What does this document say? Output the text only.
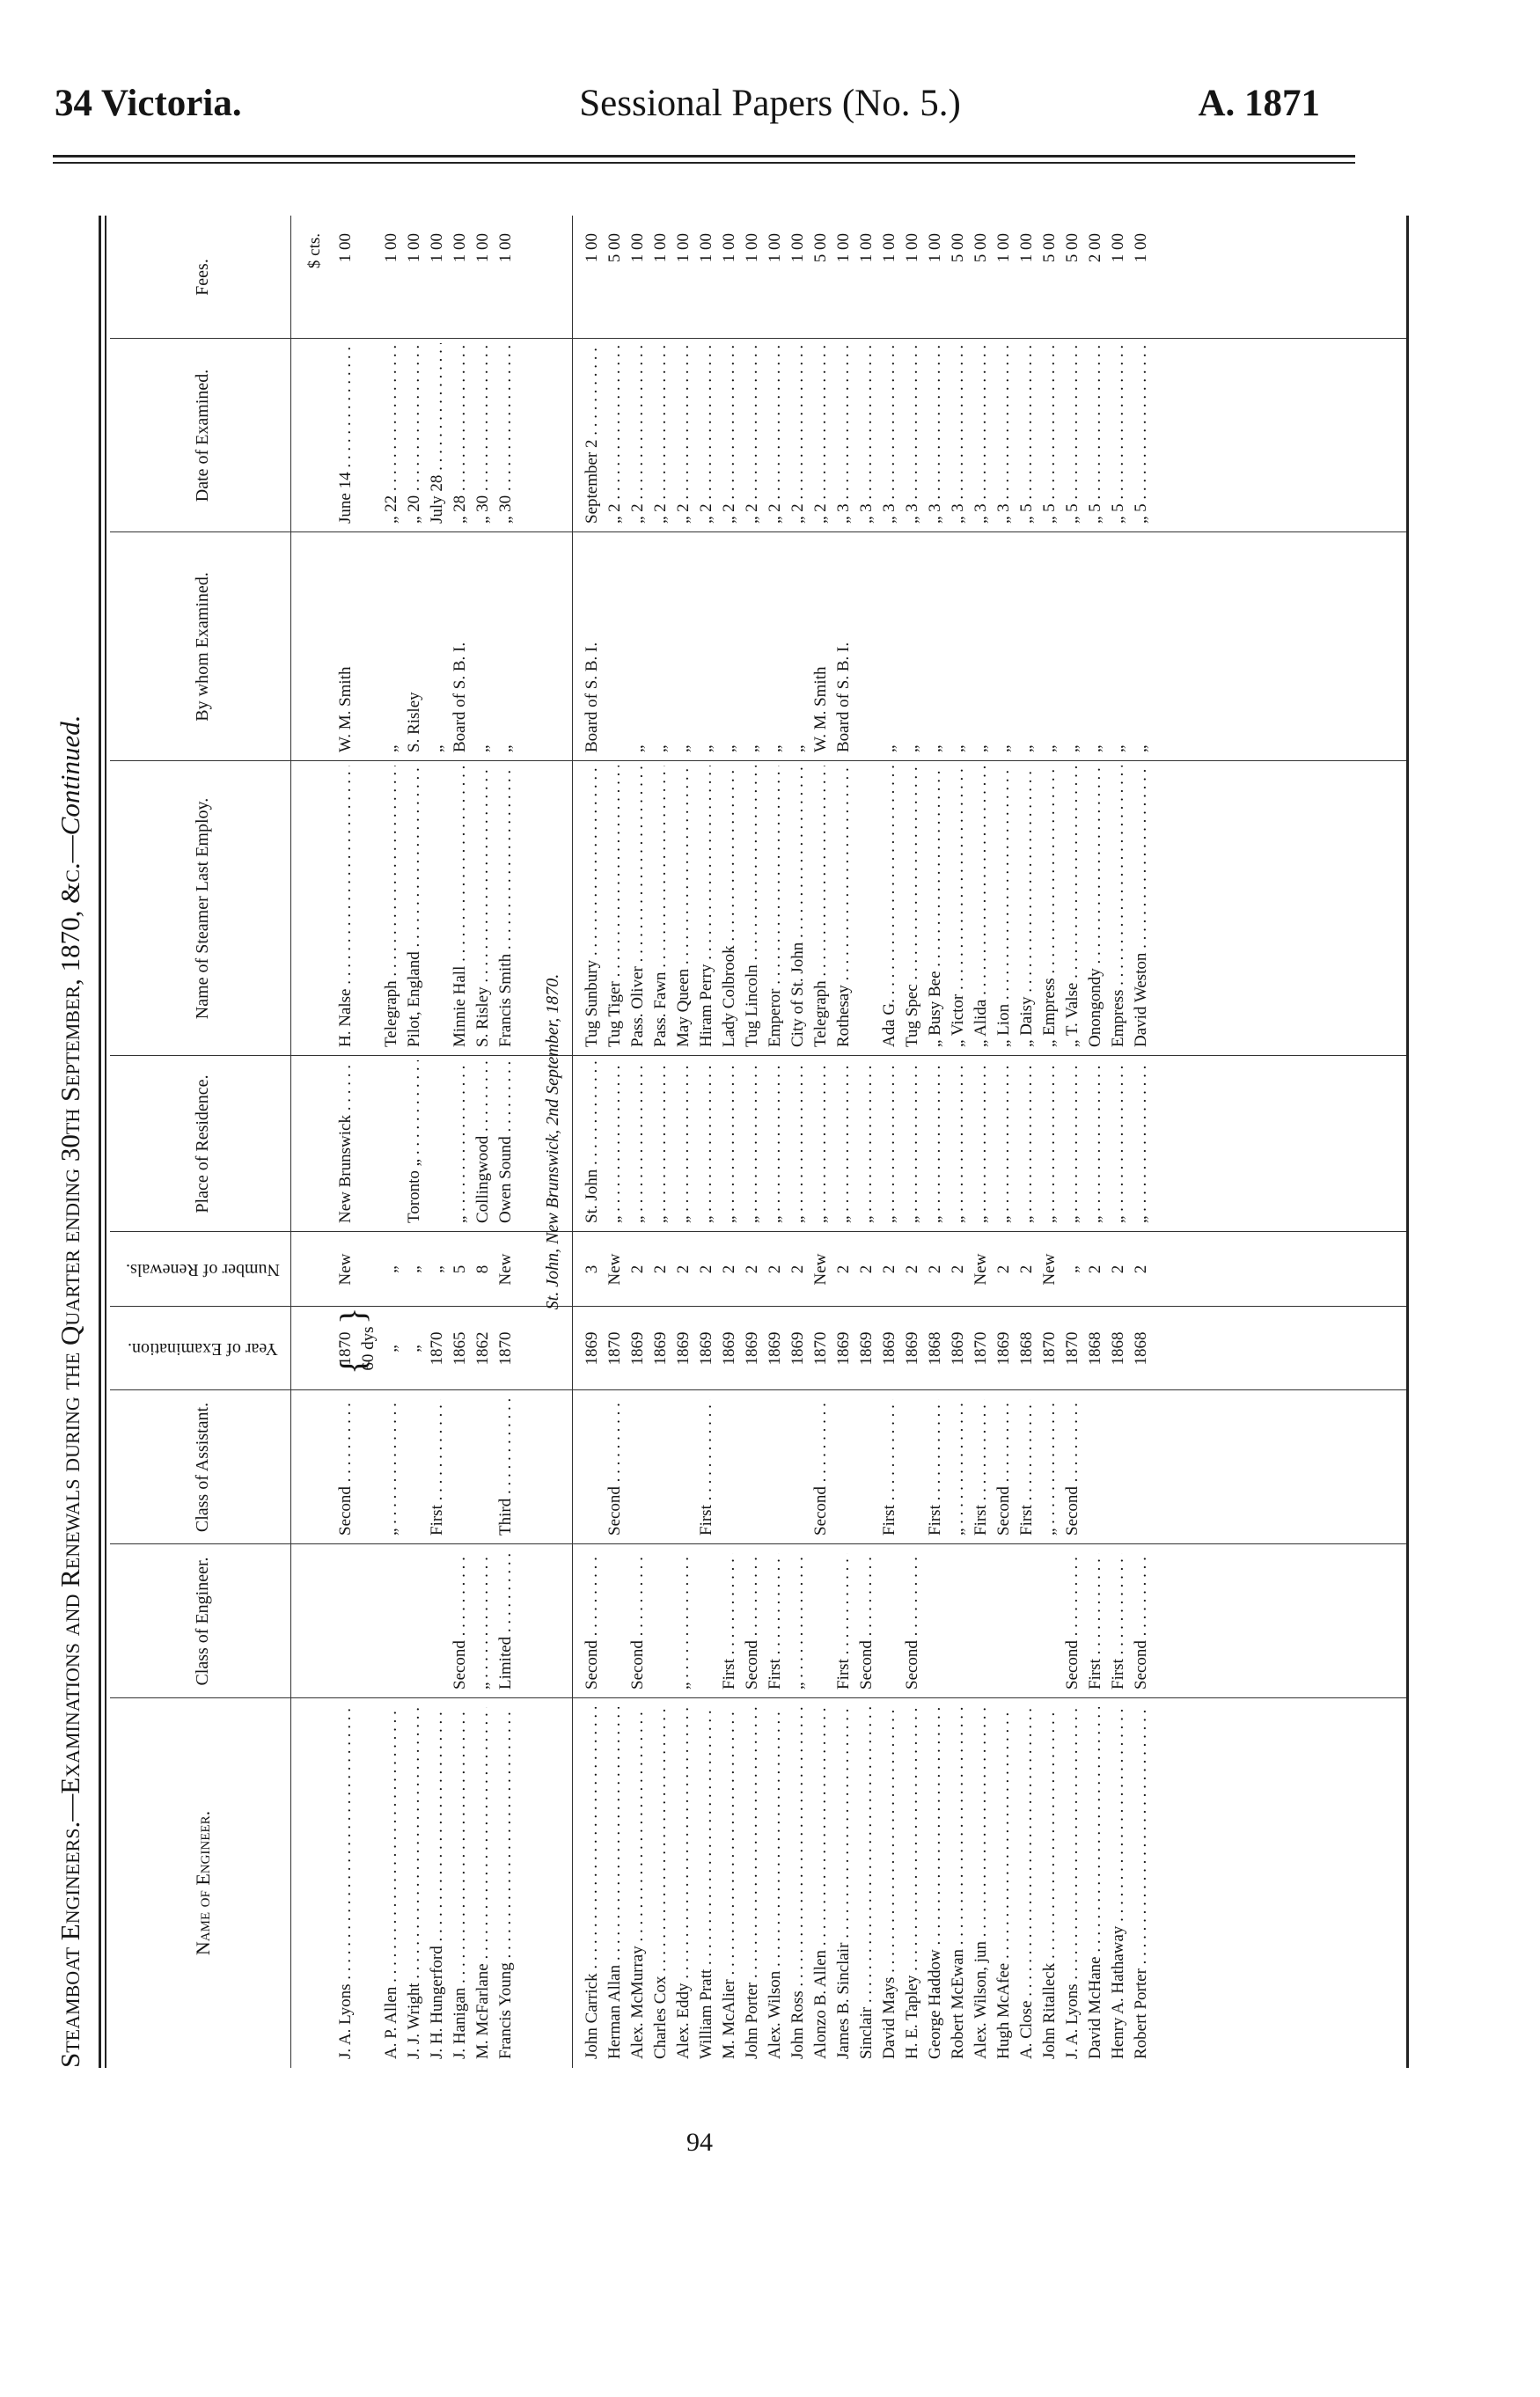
34 Victoria.	Sessional Papers (No. 5.)	A. 1871
Steamboat Engineers.—Examinations and Renewals during the Quarter ending 30th September, 1870, &c.—Continued.
Name of Engineer.
Class of Engineer.
Class of Assistant.
Year of Examination.
Number of Renewals.
Place of Residence.
Name of Steamer Last Employ.
By whom Examined.
Date of Examined.
Fees.
$ cts.
{
}
J. A. Lyons . . .
Second . . .
1870
New
New Brunswick . . .
H. Nalse . . .
W. M. Smith
June 14 . . .
1 00
60 dys
A. P. Allen . . .
„ . . .
„
„
Telegraph . . .
„
„ 22 . . .
1 00
J. J. Wright . . .
„
„
Toronto „ . . .
Pilot, England . . .
S. Risley
„ 20 . . .
1 00
J. H. Hungerford . . .
First . . .
1870
„
„
July 28 . . .
1 00
J. Hanigan . . .
Second . . .
1865
5
„ . . .
Minnie Hall . . .
Board of S. B. I.
„ 28 . . .
1 00
M. McFarlane . . .
„ . . .
1862
8
Collingwood . . .
S. Risley . . .
„
„ 30 . . .
1 00
Francis Young . . .
Limited . . .
Third . . .
1870
New
Owen Sound . . .
Francis Smith . . .
„
„ 30 . . .
1 00
St. John, New Brunswick, 2nd September, 1870.
John Carrick . . .
Second . . .
1869
3
St. John . . .
Tug Sunbury . . .
Board of S. B. I.
September 2 . . .
1 00
Herman Allan . . .
Second . . .
1870
New
„ . . .
Tug Tiger . . .
„ 2 . . .
5 00
Alex. McMurray . . .
Second . . .
1869
2
„ . . .
Pass. Oliver . . .
„
„ 2 . . .
1 00
Charles Cox . . .
1869
2
„ . . .
Pass. Fawn . . .
„
„ 2 . . .
1 00
Alex. Eddy . . .
„ . . .
1869
2
„ . . .
May Queen . . .
„
„ 2 . . .
1 00
William Pratt . . .
First . . .
1869
2
„ . . .
Hiram Perry . . .
„
„ 2 . . .
1 00
M. McAlier . . .
First . . .
1869
2
„ . . .
Lady Colbrook . . .
„
„ 2 . . .
1 00
John Porter . . .
Second . . .
1869
2
„ . . .
Tug Lincoln . . .
„
„ 2 . . .
1 00
Alex. Wilson . . .
First . . .
1869
2
„ . . .
Emperor . . .
„
„ 2 . . .
1 00
John Ross . . .
„ . . .
1869
2
„ . . .
City of St. John . . .
„
„ 2 . . .
1 00
Alonzo B. Allen . . .
Second . . .
1870
New
„ . . .
Telegraph . . .
W. M. Smith
„ 2 . . .
5 00
James B. Sinclair . . .
First . . .
1869
2
„ . . .
Rothesay . . .
Board of S. B. I.
„ 3 . . .
1 00
Sinclair . . .
Second . . .
1869
2
„ . . .
„ 3 . . .
1 00
David Mays . . .
First . . .
1869
2
„ . . .
Ada G. . . .
„
„ 3 . . .
1 00
H. E. Tapley . . .
Second . . .
1869
2
„ . . .
Tug Spec . . .
„
„ 3 . . .
1 00
George Haddow . . .
First . . .
1868
2
„ . . .
„ Busy Bee . . .
„
„ 3 . . .
1 00
Robert McEwan . . .
„ . . .
1869
2
„ . . .
„ Victor . . .
„
„ 3 . . .
5 00
Alex. Wilson, jun . . .
First . . .
1870
New
„ . . .
„ Alida . . .
„
„ 3 . . .
5 00
Hugh McAfee . . .
Second . . .
1869
2
„ . . .
„ Lion . . .
„
„ 3 . . .
1 00
A. Close . . .
First . . .
1868
2
„ . . .
„ Daisy . . .
„
„ 5 . . .
1 00
John Ritalleck . . .
„ . . .
1870
New
„ . . .
„ Empress . . .
„
„ 5 . . .
5 00
J. A. Lyons . . .
Second . . .
Second . . .
1870
„
„ . . .
„ T. Valse . . .
„
„ 5 . . .
5 00
David McHane . . .
First . . .
1868
2
„ . . .
Onongondy . . .
„
„ 5 . . .
2 00
Henry A. Hathaway . . .
First . . .
1868
2
„ . . .
Empress . . .
„
„ 5 . . .
1 00
Robert Porter . . .
Second . . .
1868
2
„ . . .
David Weston . . .
„
„ 5 . . .
1 00
94
